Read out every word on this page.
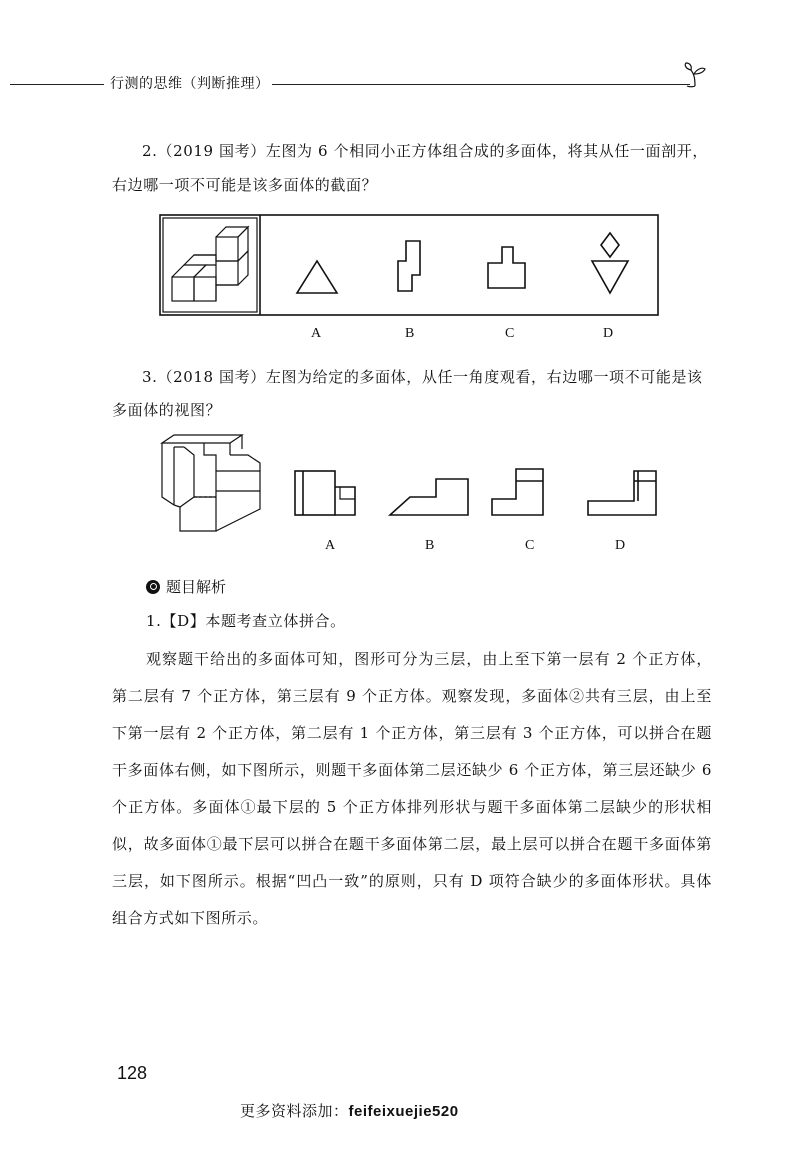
行测的思维（判断推理）
2.（2019 国考）左图为 6 个相同小正方体组合成的多面体，将其从任一面剖开，
右边哪一项不可能是该多面体的截面？
A	B	C	D
3.（2018 国考）左图为给定的多面体，从任一角度观看，右边哪一项不可能是该
多面体的视图？
A	B	C	D
题目解析
1.【D】本题考查立体拼合。
观察题干给出的多面体可知，图形可分为三层，由上至下第一层有 2 个正方体，第二层有 7 个正方体，第三层有 9 个正方体。观察发现，多面体②共有三层，由上至下第一层有 2 个正方体，第二层有 1 个正方体，第三层有 3 个正方体，可以拼合在题干多面体右侧，如下图所示，则题干多面体第二层还缺少 6 个正方体，第三层还缺少 6 个正方体。多面体①最下层的 5 个正方体排列形状与题干多面体第二层缺少的形状相似，故多面体①最下层可以拼合在题干多面体第二层，最上层可以拼合在题干多面体第三层，如下图所示。根据“凹凸一致”的原则，只有 D 项符合缺少的多面体形状。具体组合方式如下图所示。
128
更多资料添加：feifeixuejie520
